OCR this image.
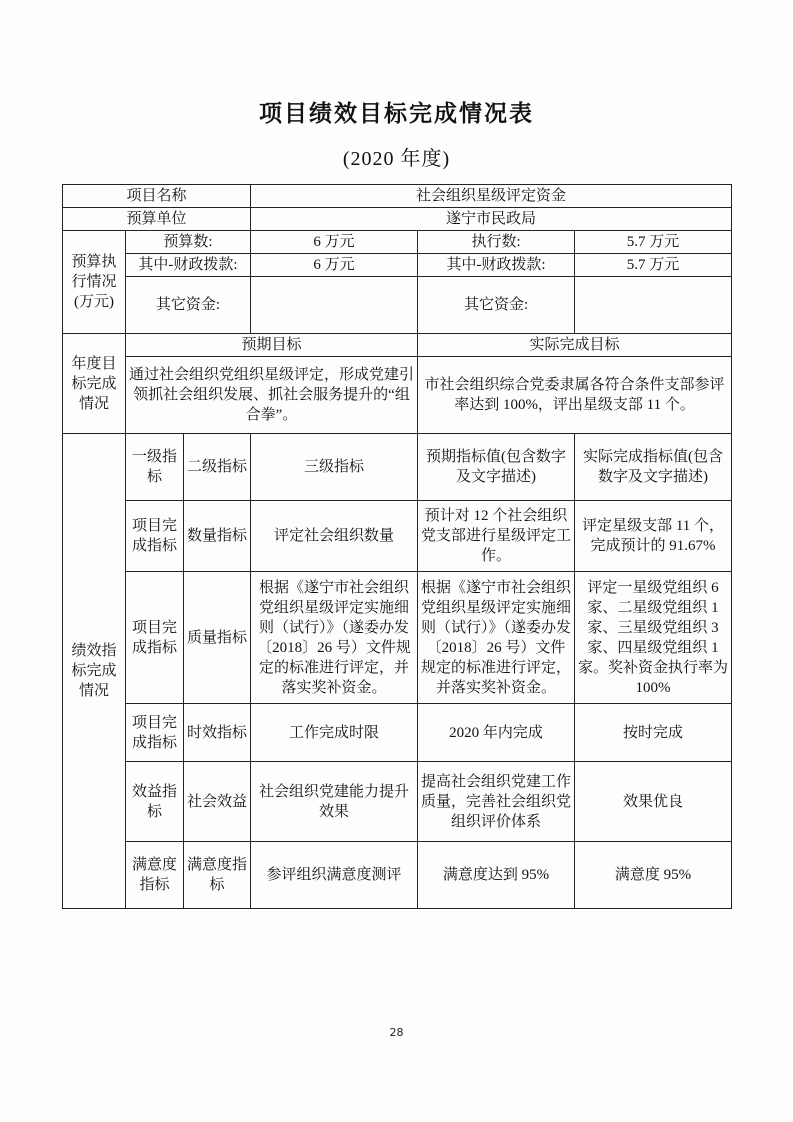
项目绩效目标完成情况表
(2020 年度)
项目名称			社会组织星级评定资金		
预算单位			遂宁市民政局		
预算执行情况(万元)	预算数:		6 万元	执行数:	5.7 万元
	其中-财政拨款:		6 万元	其中-财政拨款:	5.7 万元
	其它资金:			其它资金:	
年度目标完成情况	预期目标			实际完成目标	
	通过社会组织党组织星级评定，形成党建引领抓社会组织发展、抓社会服务提升的“组合拳”。			市社会组织综合党委隶属各符合条件支部参评率达到 100%，评出星级支部 11 个。	
绩效指标完成情况	一级指标	二级指标	三级指标	预期指标值(包含数字及文字描述)	实际完成指标值(包含数字及文字描述)
	项目完成指标	数量指标	评定社会组织数量	预计对 12 个社会组织党支部进行星级评定工作。	评定星级支部 11 个，完成预计的 91.67%
	项目完成指标	质量指标	根据《遂宁市社会组织党组织星级评定实施细则（试行）》（遂委办发〔2018〕26 号）文件规定的标准进行评定，并落实奖补资金。	根据《遂宁市社会组织党组织星级评定实施细则（试行）》（遂委办发〔2018〕26 号）文件规定的标准进行评定，并落实奖补资金。	评定一星级党组织 6 家、二星级党组织 1 家、三星级党组织 3 家、四星级党组织 1 家。奖补资金执行率为 100%
	项目完成指标	时效指标	工作完成时限	2020 年内完成	按时完成
	效益指标	社会效益	社会组织党建能力提升效果	提高社会组织党建工作质量，完善社会组织党组织评价体系	效果优良
	满意度指标	满意度指标	参评组织满意度测评	满意度达到 95%	满意度 95%
28
